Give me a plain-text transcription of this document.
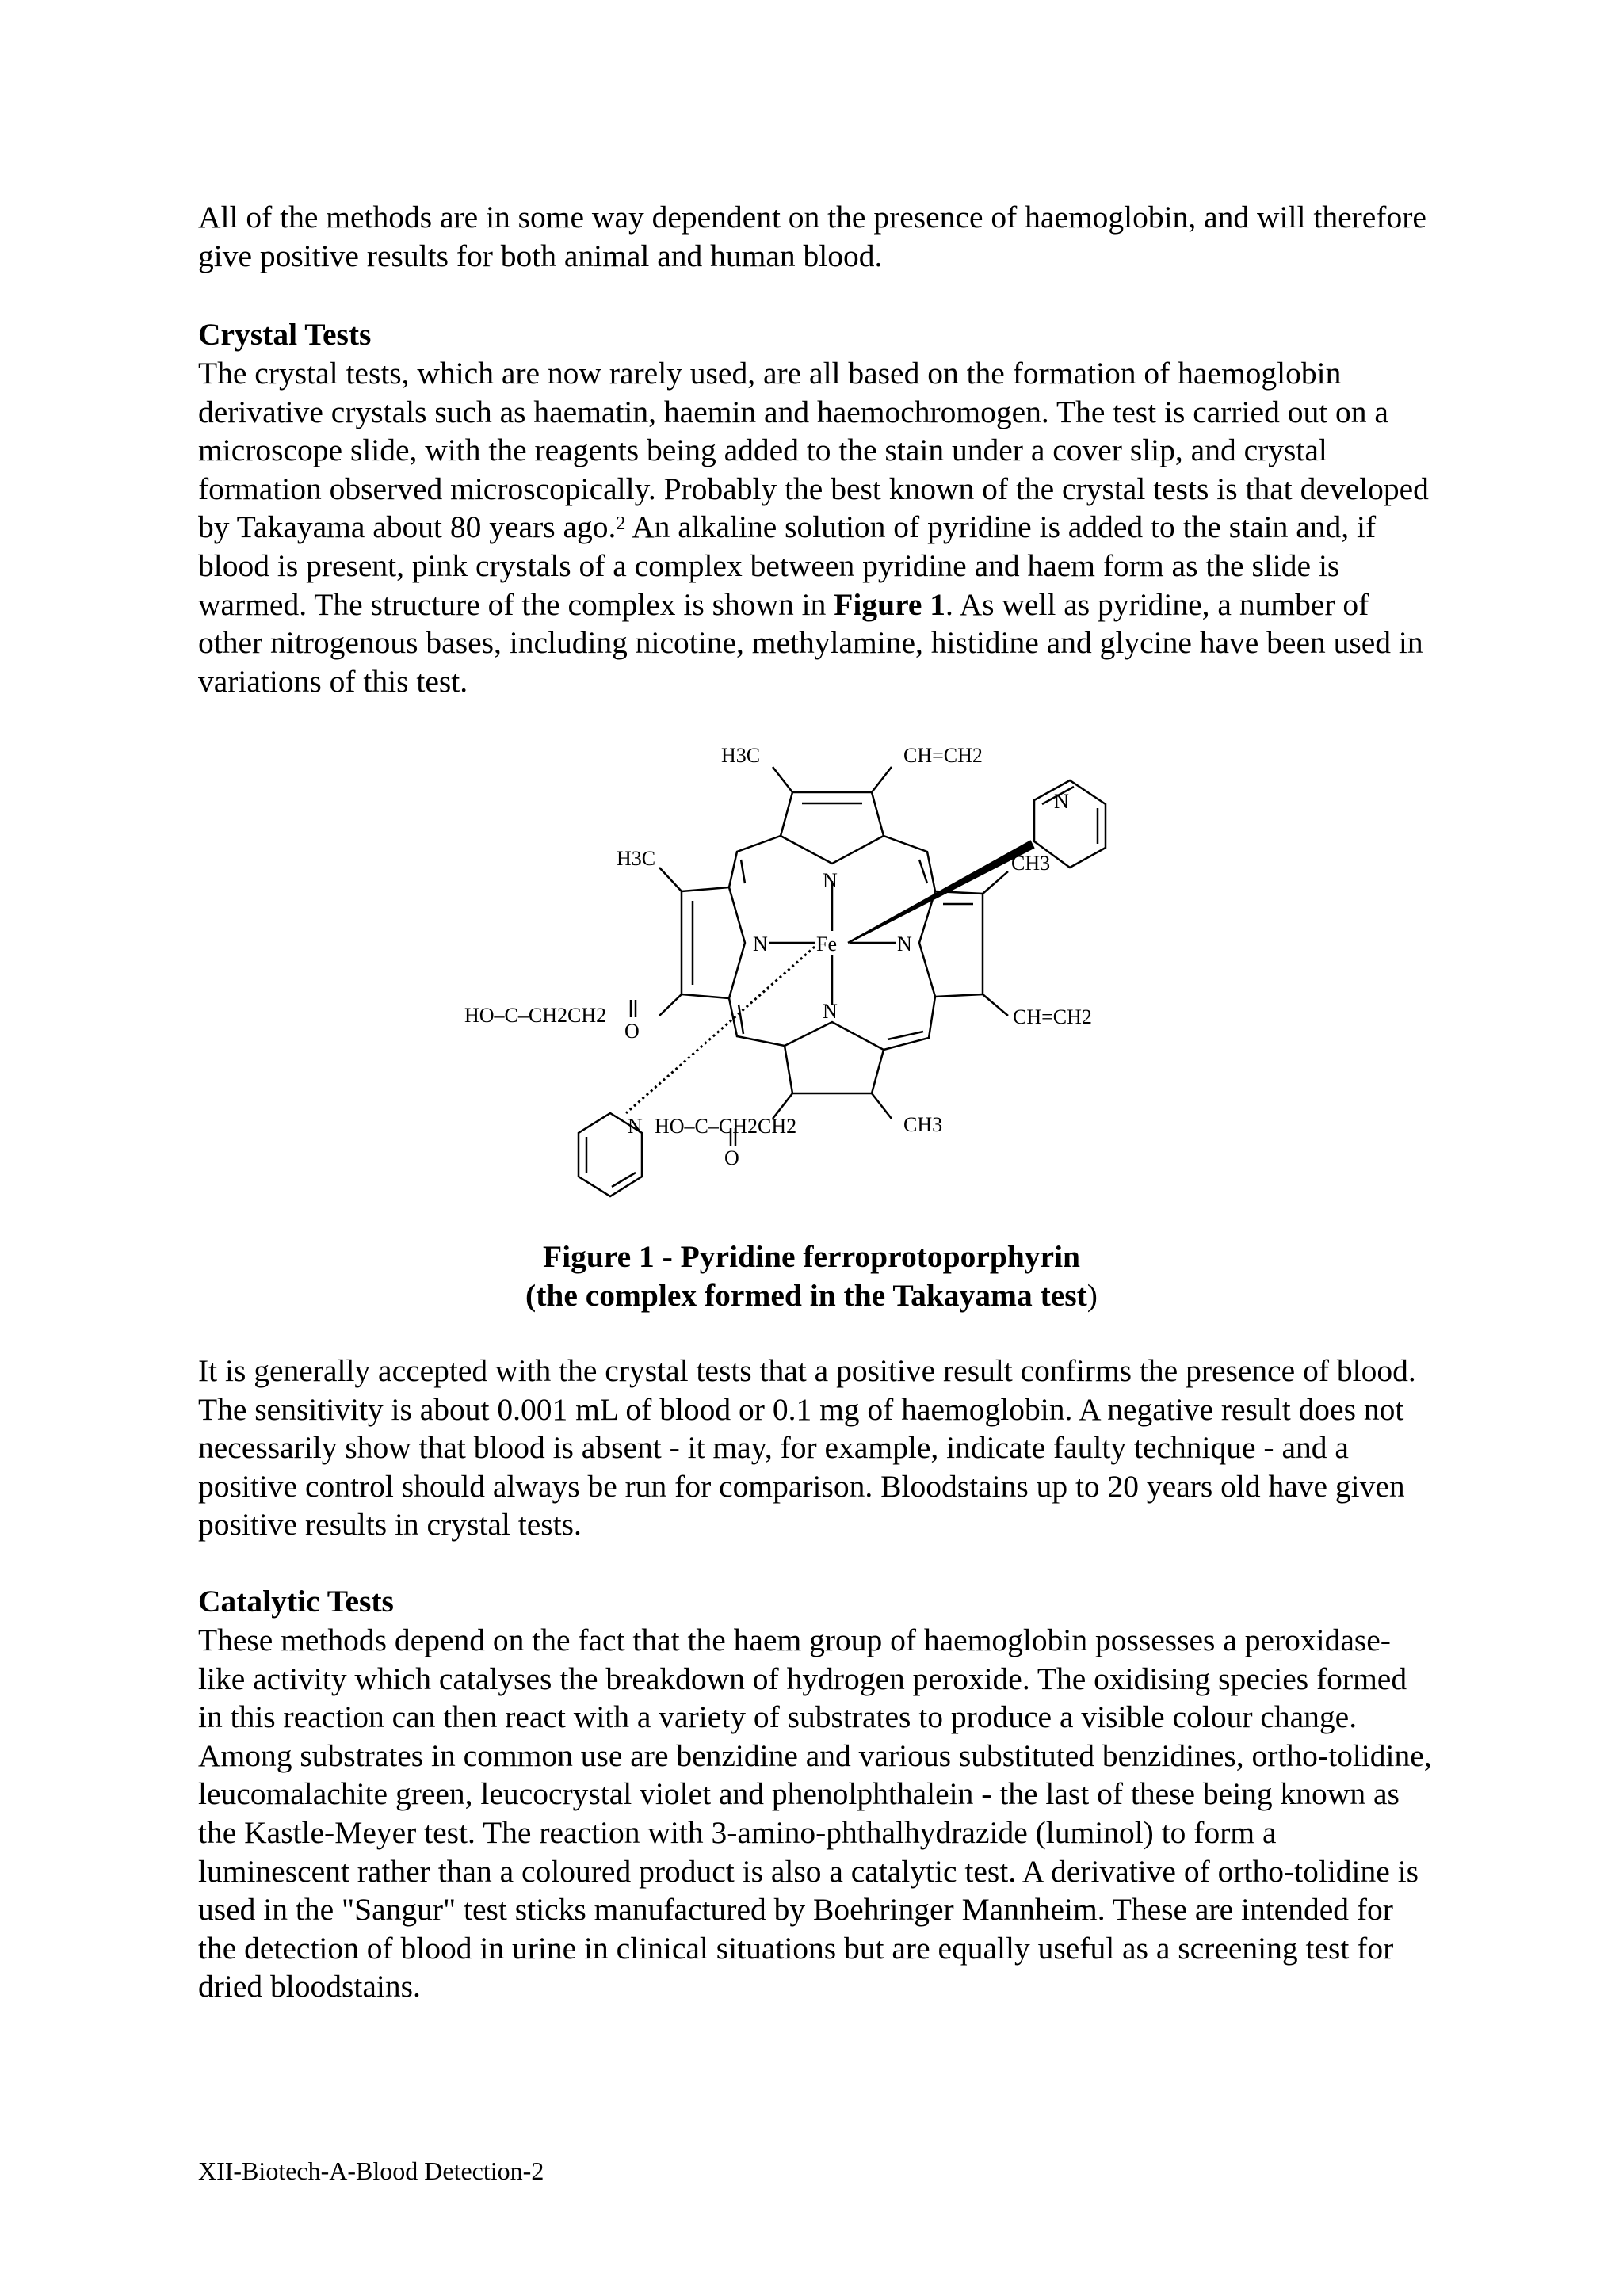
All of the methods are in some way dependent on the presence of haemoglobin, and will therefore give positive results for both animal and human blood.

Crystal Tests

The crystal tests, which are now rarely used, are all based on the formation of haemoglobin derivative crystals such as haematin, haemin and haemochromogen. The test is carried out on a microscope slide, with the reagents being added to the stain under a cover slip, and crystal formation observed microscopically. Probably the best known of the crystal tests is that developed by Takayama about 80 years ago.$^2$ An alkaline solution of pyridine is added to the stain and, if blood is present, pink crystals of a complex between pyridine and haem form as the slide is warmed. The structure of the complex is shown in Figure 1. As well as pyridine, a number of other nitrogenous bases, including nicotine, methylamine, histidine and glycine have been used in variations of this test.

H3C	CH=CH2
H3C	CH3
N
N Fe	N
N
N
HO–C–CH2CH2
O
CH=CH2
N HO–C–CH2CH2
O
CH3

Figure 1 - Pyridine ferroprotoporphyrin

(the complex formed in the Takayama test)

It is generally accepted with the crystal tests that a positive result confirms the presence of blood. The sensitivity is about 0.001 mL of blood or 0.1 mg of haemoglobin. A negative result does not necessarily show that blood is absent - it may, for example, indicate faulty technique - and a positive control should always be run for comparison. Bloodstains up to 20 years old have given positive results in crystal tests.

Catalytic Tests

These methods depend on the fact that the haem group of haemoglobin possesses a peroxidase-like activity which catalyses the breakdown of hydrogen peroxide. The oxidising species formed in this reaction can then react with a variety of substrates to produce a visible colour change. Among substrates in common use are benzidine and various substituted benzidines, ortho-tolidine, leucomalachite green, leucocrystal violet and phenolphthalein - the last of these being known as the Kastle-Meyer test. The reaction with 3-amino-phthalhydrazide (luminol) to form a luminescent rather than a coloured product is also a catalytic test. A derivative of ortho-tolidine is used in the "Sangur" test sticks manufactured by Boehringer Mannheim. These are intended for the detection of blood in urine in clinical situations but are equally useful as a screening test for dried bloodstains.

XII-Biotech-A-Blood Detection-2
